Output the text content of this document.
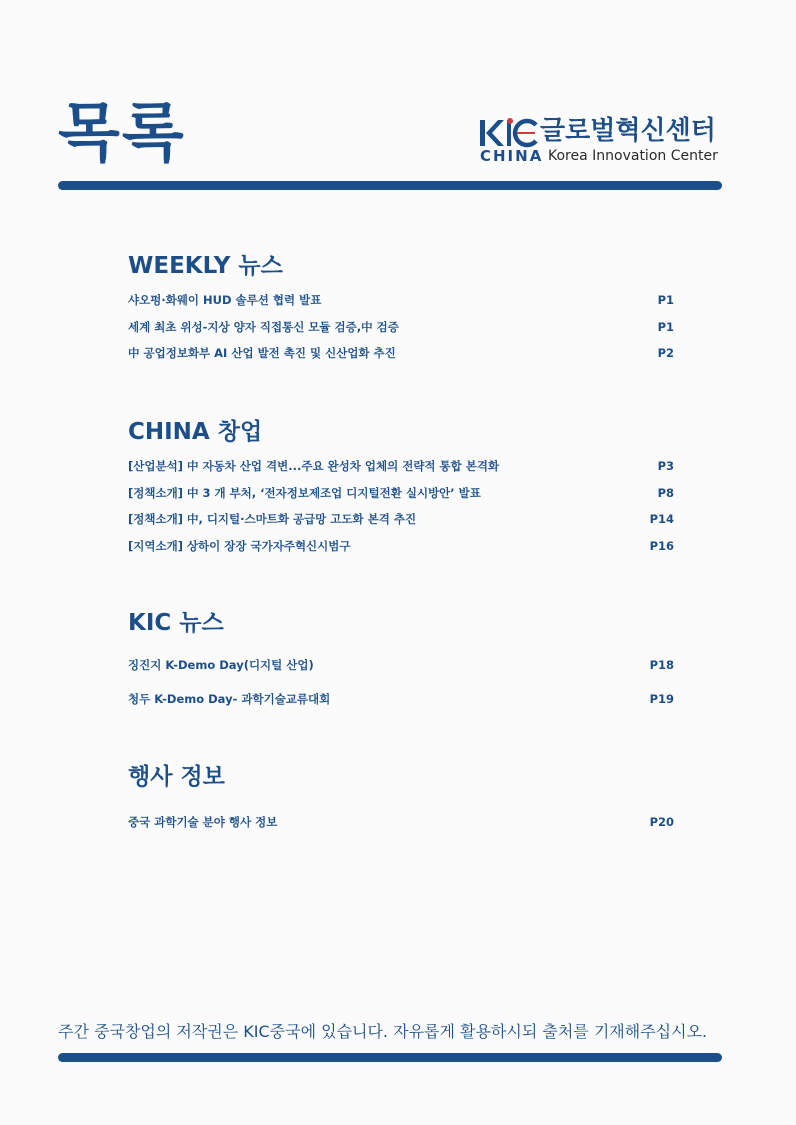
목록	글로벌혁신센터
CHINA Korea Innovation Center
WEEKLY 뉴스
샤오펑·화웨이 HUD 솔루션 협력 발표	P1
세계 최초 위성-지상 양자 직접통신 모듈 검증,中 검증	P1
中 공업정보화부 AI 산업 발전 촉진 및 신산업화 추진	P2
CHINA 창업
[산업분석] 中 자동차 산업 격변...주요 완성차 업체의 전략적 통합 본격화	P3
[정책소개] 中 3 개 부처, ‘전자정보제조업 디지털전환 실시방안’ 발표	P8
[정책소개] 中, 디지털·스마트화 공급망 고도화 본격 추진	P14
[지역소개] 상하이 장장 국가자주혁신시범구	P16
KIC 뉴스
징진지 K-Demo Day(디지털 산업)	P18
청두 K-Demo Day- 과학기술교류대회	P19
행사 정보
중국 과학기술 분야 행사 정보	P20
주간 중국창업의 저작권은 KIC중국에 있습니다. 자유롭게 활용하시되 출처를 기재해주십시오.
